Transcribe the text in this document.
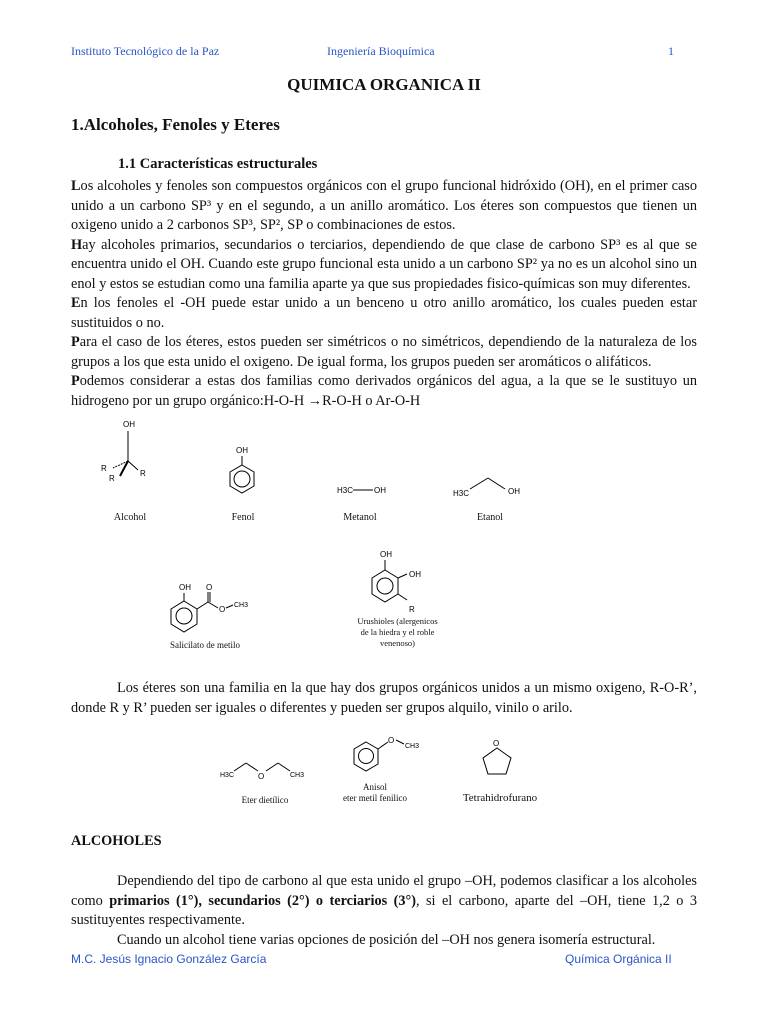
Instituto Tecnológico de la Paz	Ingeniería Bioquímica	1
QUIMICA ORGANICA II
1.Alcoholes, Fenoles y Eteres
1.1 Características estructurales

Los alcoholes y fenoles son compuestos orgánicos con el grupo funcional hidróxido (OH), en el primer caso unido a un carbono SP³ y en el segundo, a un anillo aromático. Los éteres son compuestos que tienen un oxigeno unido a 2 carbonos SP³, SP², SP o combinaciones de estos.

Hay alcoholes primarios, secundarios o terciarios, dependiendo de que clase de carbono SP³ es al que se encuentra unido el OH. Cuando este grupo funcional esta unido a un carbono SP² ya no es un alcohol sino un enol y estos se estudian como una familia aparte ya que sus propiedades fisico-químicas son muy diferentes.

En los fenoles el -OH puede estar unido a un benceno u otro anillo aromático, los cuales pueden estar sustituidos o no.

Para el caso de los éteres, estos pueden ser simétricos o no simétricos, dependiendo de la naturaleza de los grupos a los que esta unido el oxigeno. De igual forma, los grupos pueden ser aromáticos o alifáticos.

Podemos considerar a estas dos familias como derivados orgánicos del agua, a la que se le sustituyo un hidrogeno por un grupo orgánico:H-O-H →R-O-H o Ar-O-H

OH
R
R
R
Alcohol
OH
Fenol
H3C	OH
Metanol
H3C	OH
Etanol
OH O
O CH3
Salicilato de metilo
OH
OH
R
Urushioles (alergenicos de la hiedra y el roble venenoso)
Los éteres son una familia en la que hay dos grupos orgánicos unidos a un mismo oxigeno, R-O-R’, donde R y R’ pueden ser iguales o diferentes y pueden ser grupos alquilo, vinilo o arilo.
H3C	O	CH3
Eter dietílico
O
CH3
Anisol
eter metil fenilico
O
Tetrahidrofurano
ALCOHOLES

Dependiendo del tipo de carbono al que esta unido el grupo –OH, podemos clasificar a los alcoholes como primarios (1°), secundarios (2°) o terciarios (3°), si el carbono, aparte del –OH, tiene 1,2 o 3 sustituyentes respectivamente.

Cuando un alcohol tiene varias opciones de posición del –OH nos genera isomería estructural.

M.C. Jesús Ignacio González García	Química Orgánica II
